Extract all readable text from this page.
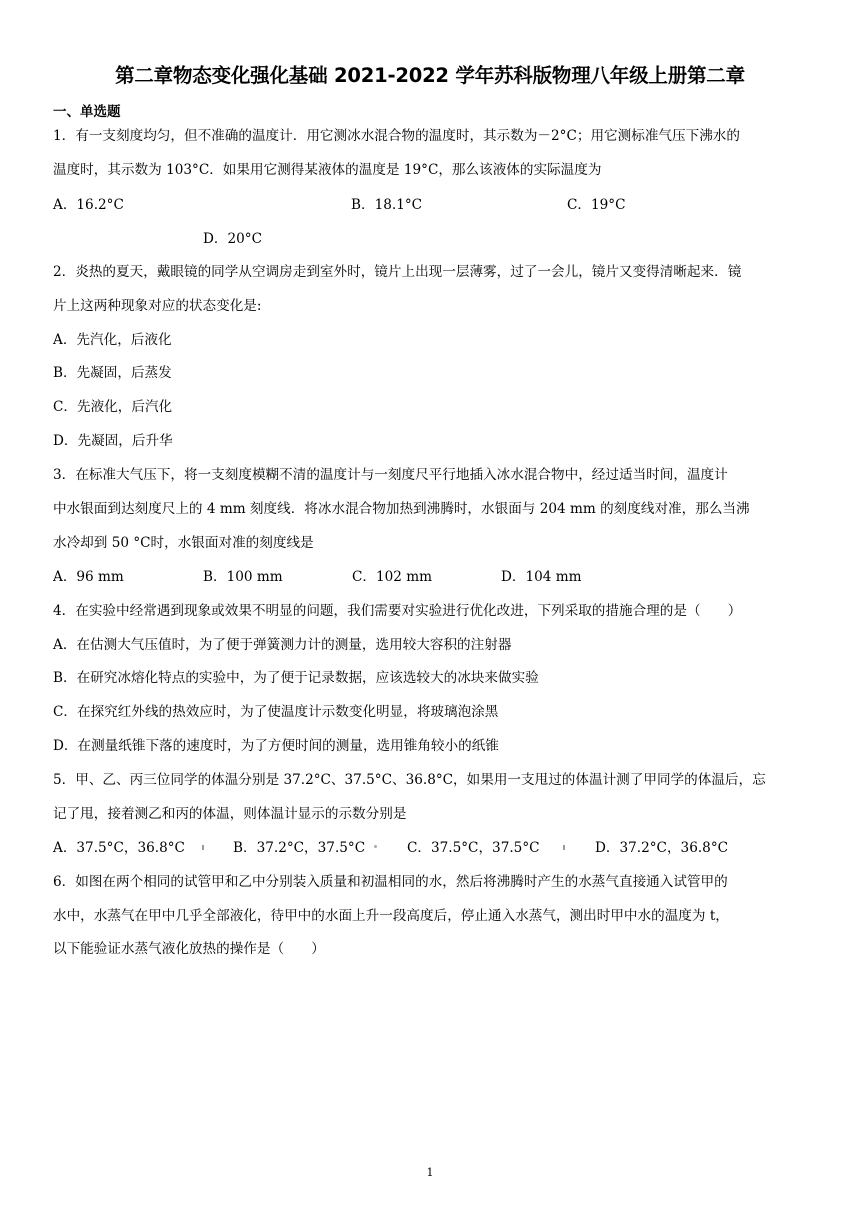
第二章物态变化强化基础 2021-2022 学年苏科版物理八年级上册第二章
一、单选题
1．有一支刻度均匀，但不准确的温度计．用它测冰水混合物的温度时，其示数为－2°C；用它测标准气压下沸水的
温度时，其示数为 103°C．如果用它测得某液体的温度是 19°C，那么该液体的实际温度为
A．16.2°C	B．18.1°C	C．19°C
D．20°C
2．炎热的夏天，戴眼镜的同学从空调房走到室外时，镜片上出现一层薄雾，过了一会儿，镜片又变得清晰起来．镜
片上这两种现象对应的状态变化是:
A．先汽化，后液化
B．先凝固，后蒸发
C．先液化，后汽化
D．先凝固，后升华
3．在标准大气压下，将一支刻度模糊不清的温度计与一刻度尺平行地插入冰水混合物中，经过适当时间，温度计
中水银面到达刻度尺上的 4 mm 刻度线．将冰水混合物加热到沸腾时，水银面与 204 mm 的刻度线对准，那么当沸
水冷却到 50 °C时，水银面对准的刻度线是
A．96 mm	B．100 mm	C．102 mm	D．104 mm
4．在实验中经常遇到现象或效果不明显的问题，我们需要对实验进行优化改进，下列采取的措施合理的是（　　）
A．在估测大气压值时，为了便于弹簧测力计的测量，选用较大容积的注射器
B．在研究冰熔化特点的实验中，为了便于记录数据，应该选较大的冰块来做实验
C．在探究红外线的热效应时，为了使温度计示数变化明显，将玻璃泡涂黑
D．在测量纸锥下落的速度时，为了方便时间的测量，选用锥角较小的纸锥
5．甲、乙、丙三位同学的体温分别是 37.2°C、37.5°C、36.8°C，如果用一支甩过的体温计测了甲同学的体温后，忘
记了甩，接着测乙和丙的体温，则体温计显示的示数分别是
A．37.5°C，36.8°C	B．37.2°C，37.5°C	C．37.5°C，37.5°C	D．37.2°C，36.8°C
6．如图在两个相同的试管甲和乙中分别装入质量和初温相同的水，然后将沸腾时产生的水蒸气直接通入试管甲的
水中，水蒸气在甲中几乎全部液化，待甲中的水面上升一段高度后，停止通入水蒸气，测出时甲中水的温度为 t，
以下能验证水蒸气液化放热的操作是（　　）
1
